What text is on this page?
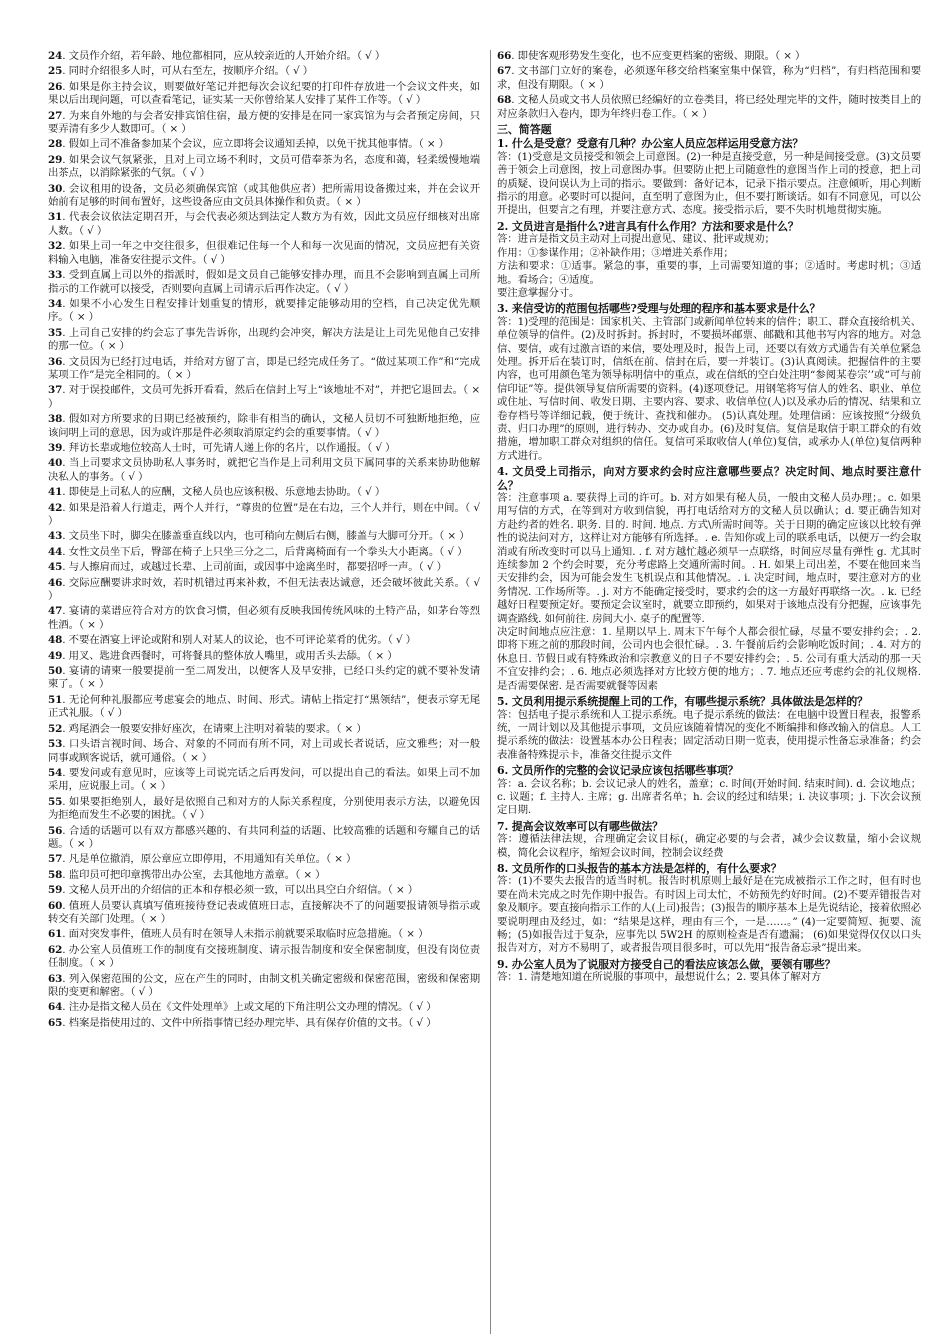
24. 文员作介绍，若年龄、地位都相同，应从较亲近的人开始介绍。（ √ ）
25. 同时介绍很多人时，可从右至左，按顺序介绍。（ √ ）
26. 如果是你主持会议，则要做好笔记并把每次会议纪要的打印件存放进一个会议文件夹，如果以后出现问题，可以查看笔记，证实某一天你曾给某人安排了某件工作等。（ √ ）
27. 为来自外地的与会者安排宾馆住宿，最方便的安排是在同一家宾馆为与会者预定房间，只要弄清有多少人数即可。（ × ）
28. 假如上司不准备参加某个会议，应立即将会议通知丢掉，以免干扰其他事情。（ × ）
29. 如果会议气氛紧张，且对上司立场不利时，文员可借奉茶为名，态度和蔼，轻柔缓慢地端出茶点，以消除紧张的气氛。（ √ ）
30. 会议租用的设备，文员必须确保宾馆（或其他供应者）把所需用设备搬过来，并在会议开始前有足够的时间布置好，这些设备应由文员具体操作和负责。（ × ）
31. 代表会议依法定期召开，与会代表必须达到法定人数方为有效，因此文员应仔细核对出席人数。（ √ ）
32. 如果上司一年之中交往很多，但很难记住每一个人和每一次见面的情况，文员应把有关资料输入电脑，准备安往提示文件。（ √ ）
33. 受到直属上司以外的指派时，假如是文员自己能够安排办理，而且不会影响到直属上司所指示的工作就可以接受，否则要向直属上司请示后再作决定。（ √ ）
34. 如果不小心发生日程安排计划重复的情形，就要排定能够动用的空档，自己决定优先顺序。（ × ）
35. 上司自己安排的约会忘了事先告诉你，出现约会冲突，解决方法是让上司先见他自己安排的那一位。（ × ）
36. 文员因为已经打过电话，并给对方留了言，即是已经完成任务了。“做过某项工作”和“完成某项工作”是完全相同的。（ × ）
37. 对于误投邮件，文员可先拆开看看，然后在信封上写上“该地址不对”，并把它退回去。（ × ）
38. 假如对方所要求的日期已经被预约，除非有相当的确认，文秘人员切不可独断地拒绝，应该问明上司的意思，因为或许那是件必须取消原定约会的重要事情。（ √ ）
39. 拜访长辈或地位较高人士时，可先请人递上你的名片，以作通报。（ √ ）
40. 当上司要求文员协助私人事务时，就把它当作是上司利用文员下属同事的关系来协助他解决私人的事务。（ √ ）
41. 即使是上司私人的应酬，文秘人员也应该积极、乐意地去协助。（ √ ）
42. 如果是沿着人行道走，两个人并行，“尊贵的位置”是在右边，三个人并行，则在中间。（ √ ）
43. 文员坐下时，脚尖在膝盖垂直线以内，也可稍向左侧后右侧，膝盖与大脚可分开。（ × ）
44. 女性文员坐下后，臀部在椅子上只坐三分之二，后背离椅面有一个拳头大小距离。（ √ ）
45. 与人擦肩而过，或越过长辈、上司前面，或因事中途离坐时，都要招呼一声。（ √ ）
46. 交际应酬要讲求时效，若时机错过再来补救，不但无法表达诚意，还会破坏彼此关系。（ √ ）
47. 宴请的菜谱应符合对方的饮食习惯，但必须有反映我国传统风味的土特产品，如茅台等烈性酒。（ × ）
48. 不要在酒宴上评论或附和别人对某人的议论，也不可评论菜肴的优劣。（ √ ）
49. 用叉、匙进食西餐时，可将餐具的整体放人嘴里，或用舌头去舔。（ × ）
50. 宴请的请柬一般要提前一至二周发出，以便客人及早安排，已经口头约定的就不要补发请柬了。（ × ）
51. 无论何种礼服都应考虑宴会的地点、时间、形式。请帖上指定打“黑领结”，便表示穿无尾正式礼服。（ √ ）
52. 鸡尾酒会一般要安排好座次，在请柬上注明对着装的要求。（ × ）
53. 口头语言视时间、场合、对象的不同而有所不同，对上司或长者说话，应文雅些；对一般同事或顾客说话，就可通俗。（ × ）
54. 要发问或有意见时，应该等上司说完话之后再发问，可以提出自己的看法。如果上司不加采用，应说服上司。（ × ）
55. 如果要拒绝别人，最好是依照自己和对方的人际关系程度，分别使用表示方法，以避免因为拒绝而发生不必要的困扰。（ √ ）
56. 合适的话题可以有双方都感兴趣的、有共同利益的话题、比较高雅的话题和夸耀自己的话题。（ × ）
57. 凡是单位撤消，原公章应立即停用，不用通知有关单位。（ × ）
58. 监印员可把印章携带出办公室，去其他地方盖章。（ × ）
59. 文秘人员开出的介绍信的正本和存根必须一致，可以出具空白介绍信。（ × ）
60. 值班人员要认真填写值班接待登记表或值班日志，直接解决不了的问题要报请领导指示或转交有关部门处理。（ × ）
61. 面对突发事件，值班人员有时在领导人未指示前就要采取临时应急措施。（ × ）
62. 办公室人员值班工作的制度有交接班制度、请示报告制度和安全保密制度，但没有岗位责任制度。（ × ）
63. 列入保密范围的公文，应在产生的同时，由制文机关确定密级和保密范围，密级和保密期限的变更和解密。（ √ ）
64. 注办是指文秘人员在《文件处理单》上或文尾的下角注明公文办理的情况。（ √ ）
65. 档案是指使用过的、文件中所指事情已经办理完毕、具有保存价值的文书。（ √ ）
66. 即使客观形势发生变化，也不应变更档案的密级、期限。（ × ）
67. 文书部门立好的案卷，必须逐年移交给档案室集中保管，称为“归档”，有归档范围和要求，但没有期限。（ × ）
68. 文秘人员或文书人员依照已经编好的立卷类目，将已经处理完毕的文件，随时按类目上的对应条款归入卷内，即为年终归卷工作。（ × ）
三、简答题
1. 什么是受意？受意有几种？办公室人员应怎样运用受意方法？
答：(1)受意是文员接受和领会上司意图。(2)一种是直接受意，另一种是间接受意。(3)文员要善于领会上司意图，按上司意图办事。但要防止把上司随意性的意图当作上司的授意，把上司的质疑、设问误认为上司的指示。要做到：备好记本，记录下指示要点。注意倾听，用心判断指示的用意。必要时可以提问，直至明了意图为止，但不要打断谈话。如有不同意见，可以公开提出，但要言之有理，并要注意方式、态度。接受指示后，要不失时机地贯彻实施。
2. 文员进言是指什么?进言具有什么作用？方法和要求是什么？
答：进言是指文员主动对上司提出意见、建议、批评或规劝；
作用：①参谋作用；②补缺作用；③增进关系作用；
方法和要求：①适事。紧急的事，重要的事，上司需要知道的事；②适时。考虑时机；③适地。看场合；④适度。
要注意掌握分寸。
3. 来信受访的范围包括哪些?受理与处理的程序和基本要求是什么？
答：1)受理的范围是：国家机关、主管部门或新闻单位转来的信件；职工、群众直接给机关、单位领导的信件。(2)及时拆封。拆封时，不要损坏邮票、邮戳和其他书写内容的地方。对急信、要信，或有过激言语的来信，要处理及时，报告上司，还要以有效方式通告有关单位紧急处理。拆开后在装订时，信纸在前、信封在后，要一并装订。(3)认真阅读。把握信件的主要内容，也可用颜色笔为领导标明信中的重点，或在信纸的空白处注明“参阅某卷宗’’或“可与前信印证”等。提供领导复信所需要的资料。(4)逐项登记。用钢笔将写信人的姓名、职业、单位或住址、写信时间、收发日期、主要内容、要求、收信单位(人)以及承办后的情况、结果和立卷存档号等详细记载，便于统计、查找和催办。 (5)认真处理。处理信函：应该按照“分级负责、归口办理”的原则，进行转办、交办或自办。(6)及时复信。复信是取信于职工群众的有效措施，增加职工群众对组织的信任。复信可采取收信人(单位)复信，或承办人(单位)复信两种方式进行。
4. 文员受上司指示，向对方要求约会时应注意哪些要点？决定时间、地点时要注意什么？
答：注意事项 a. 要获得上司的许可。b. 对方如果有秘人员，一般由文秘人员办理；。c. 如果用写信的方式，在等到对方收到信貌，再打电话给对方的文秘人员以确认；d. 要正确告知对方赴约者的姓名. 职务. 目的. 时间. 地点. 方式\所需时间等。关于日期的确定应该以比较有弹性的说法问对方，这样让对方能够有所选择。. e. 告知你或上司的联系电话，以便万一约会取消或有所改变时可以马上通知. . f. 对方越忙越必须早一点联络，时间应尽量有弹性 g. 尤其时连续参加 2 个约会时要，充分考虑路上交通所需时间。. H. 如果上司出差，不要在他回来当天安排约会，因为可能会发生飞机误点和其他情况。. i. 决定时间，地点时，要注意对方的业务情况. 工作场所等。. j. 对方不能确定接受时，要求约会的这一方最好再联络一次。. k. 已经越好日程要预定好。要预定会议室时，就要立即预约，如果对于该地点没有分把握，应该事先调查路线. 如何前往. 房间大小. 桌子的配置等.
决定时间地点应注意：1. 星期以早上. 周末下午每个人都会很忙碌，尽量不要安排约会；. 2. 即将下班之前的那段时间，公司内也会很忙碌。. 3. 午餐前后约会影响吃饭时间；. 4. 对方的休息日. 节假日或有特殊政治和宗教意义的日子不要安排约会；. 5. 公司有重大活动的那一天不宜安排约会；. 6. 地点必须选择对方比较方便的地方；. 7. 地点还应考虑约会的礼仪规格. 是否需要保密. 是否需要就餐等因素
5. 文员利用提示系统提醒上司的工作，有哪些提示系统？具体做法是怎样的？
答：包括电子提示系统和人工提示系统。电子提示系统的做法：在电脑中设置日程表，报警系统，一周计划以及其他提示事项，文员应该随着情况的变化不断编排和修改输入的信息。人工提示系统的做法：设置基本办公日程表；固定活动日期一览表，使用提示性备忘录准备；约会表准备特殊提示卡，准备交往提示文件
6. 文员所作的完整的会议记录应该包括哪些事项？
答：a. 会议名称；b. 会议记录人的姓名，盖章；c. 时间(开始时间. 结束时间). d. 会议地点；c. 议题；f. 主持人. 主席；g. 出席者名单；h. 会议的经过和结果；i. 决议事项；j. 下次会议预定日期.
7. 提高会议效率可以有哪些做法？
答：遵循法律法规，合理确定会议目标(，确定必要的与会者，减少会议数量，缩小会议规模，简化会议程序，缩短会议时间，控制会议经费
8. 文员所作的口头报告的基本方法是怎样的，有什么要求？
答：(1)不要失去报告的适当时机。报告时机原则上最好是在完成被指示工作之时，但有时也要在尚未完成之时先作期中报告。有时因上司太忙，不妨预先约好时间。(2)不要弄错报告对象及顺序。要直接向指示工作的人(上司)报告；(3)报告的顺序基本上是先说结论，接着依照必要说明理由及经过，如：“结果是这样，理由有三个，一是……。” (4)一定要简短、扼要、流畅；(5)如报告过于复杂，应事先以 5W2H 的原则检查是否有遗漏； (6)如果觉得仅仅以口头报告对方，对方不易明了，或者报告项目很多时，可以先用“报告备忘录”提出来。
9. 办公室人员为了说服对方接受自己的看法应该怎么做，要领有哪些？
答：1. 清楚地知道在所说服的事项中，最想说什么；2. 要具体了解对方
